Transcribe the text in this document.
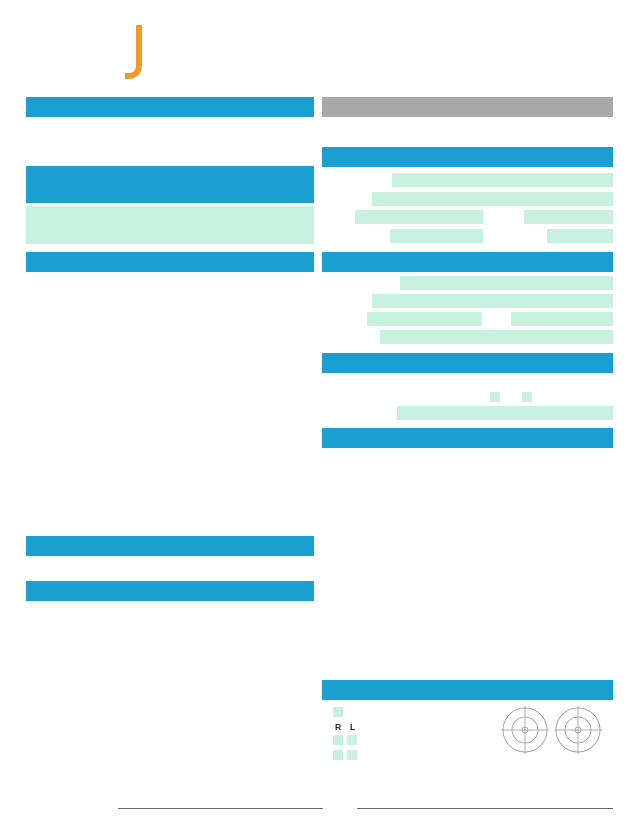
R L
